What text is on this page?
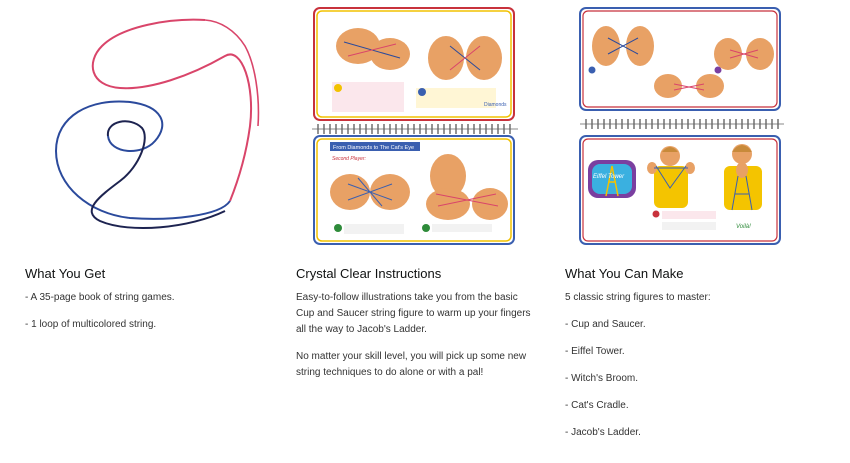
What You Get

- A 35-page book of string games.

- 1 loop of multicolored string.

Diamonds
From Diamonds to The Cat's Eye
Second Player:
Crystal Clear Instructions

Easy-to-follow illustrations take you from the basic Cup and Saucer string figure to warm up your fingers all the way to Jacob's Ladder.

No matter your skill level, you will pick up some new string techniques to do alone or with a pal!

Eiffel Tower
Voilà!
What You Can Make

5 classic string figures to master:

- Cup and Saucer.

- Eiffel Tower.

- Witch's Broom.

- Cat's Cradle.

- Jacob's Ladder.
